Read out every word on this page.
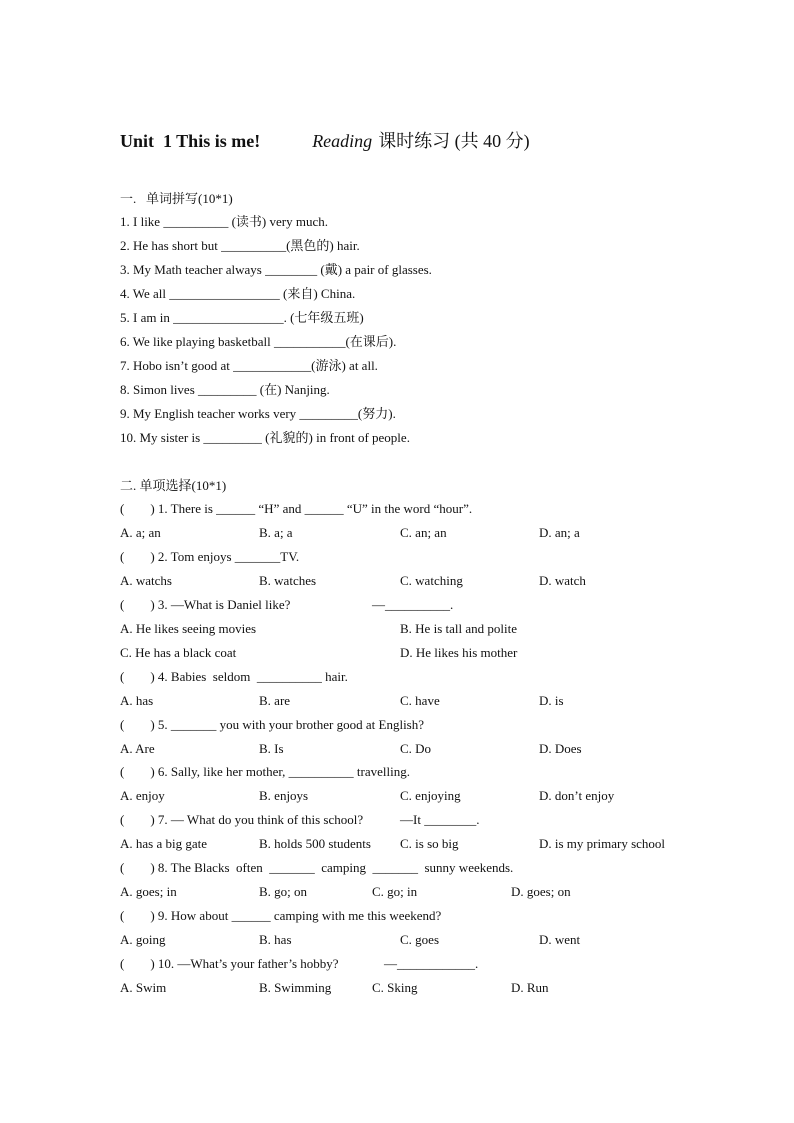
Unit  1 This is me!	Reading 课时练习 (共 40 分)
一.   单词拼写(10*1)
1. I like __________ (读书) very much.
2. He has short but __________(黑色的) hair.
3. My Math teacher always ________ (戴) a pair of glasses.
4. We all _________________ (来自) China.
5. I am in _________________. (七年级五班)
6. We like playing basketball ___________(在课后).
7. Hobo isn’t good at ____________(游泳) at all.
8. Simon lives _________ (在) Nanjing.
9. My English teacher works very _________(努力).
10. My sister is _________ (礼貌的) in front of people.
二. 单项选择(10*1)
(        ) 1. There is ______ “H” and ______ “U” in the word “hour”.
A. a; an	B. a; a	C. an; an	D. an; a
(        ) 2. Tom enjoys _______TV.
A. watchs	B. watches	C. watching	D. watch
(        ) 3. —What is Daniel like?	—__________.
A. He likes seeing movies	B. He is tall and polite
C. He has a black coat	D. He likes his mother
(        ) 4. Babies  seldom  __________ hair.
A. has	B. are	C. have	D. is
(        ) 5. _______ you with your brother good at English?
A. Are	B. Is	C. Do	D. Does
(        ) 6. Sally, like her mother, __________ travelling.
A. enjoy	B. enjoys	C. enjoying	D. don’t enjoy
(        ) 7. — What do you think of this school?	—It ________.
A. has a big gate	B. holds 500 students C. is so big	D. is my primary school
(        ) 8. The Blacks  often  _______  camping  _______  sunny weekends.
A. goes; in	B. go; on	C. go; in	D. goes; on
(        ) 9. How about ______ camping with me this weekend?
A. going	B. has	C. goes	D. went
(        ) 10. —What’s your father’s hobby?	—____________.
A. Swim	B. Swimming	C. Sking	D. Run
